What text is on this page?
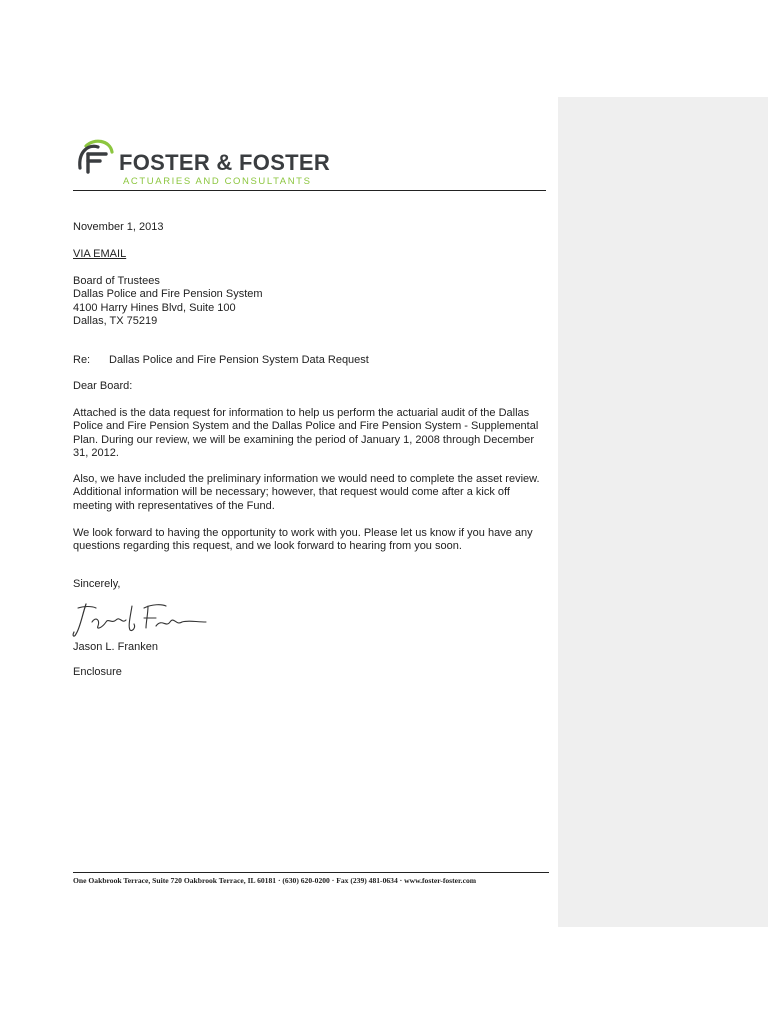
FOSTER & FOSTER
ACTUARIES AND CONSULTANTS
November 1, 2013
VIA EMAIL
Board of Trustees
Dallas Police and Fire Pension System
4100 Harry Hines Blvd, Suite 100
Dallas, TX 75219
Re: Dallas Police and Fire Pension System Data Request
Dear Board:
Attached is the data request for information to help us perform the actuarial audit of the Dallas
Police and Fire Pension System and the Dallas Police and Fire Pension System - Supplemental
Plan. During our review, we will be examining the period of January 1, 2008 through December
31, 2012.
Also, we have included the preliminary information we would need to complete the asset review.
Additional information will be necessary; however, that request would come after a kick off
meeting with representatives of the Fund.
We look forward to having the opportunity to work with you. Please let us know if you have any
questions regarding this request, and we look forward to hearing from you soon.
Sincerely,
Jason L. Franken
Enclosure
One Oakbrook Terrace, Suite 720 Oakbrook Terrace, IL 60181 · (630) 620-0200 · Fax (239) 481-0634 · www.foster-foster.com
